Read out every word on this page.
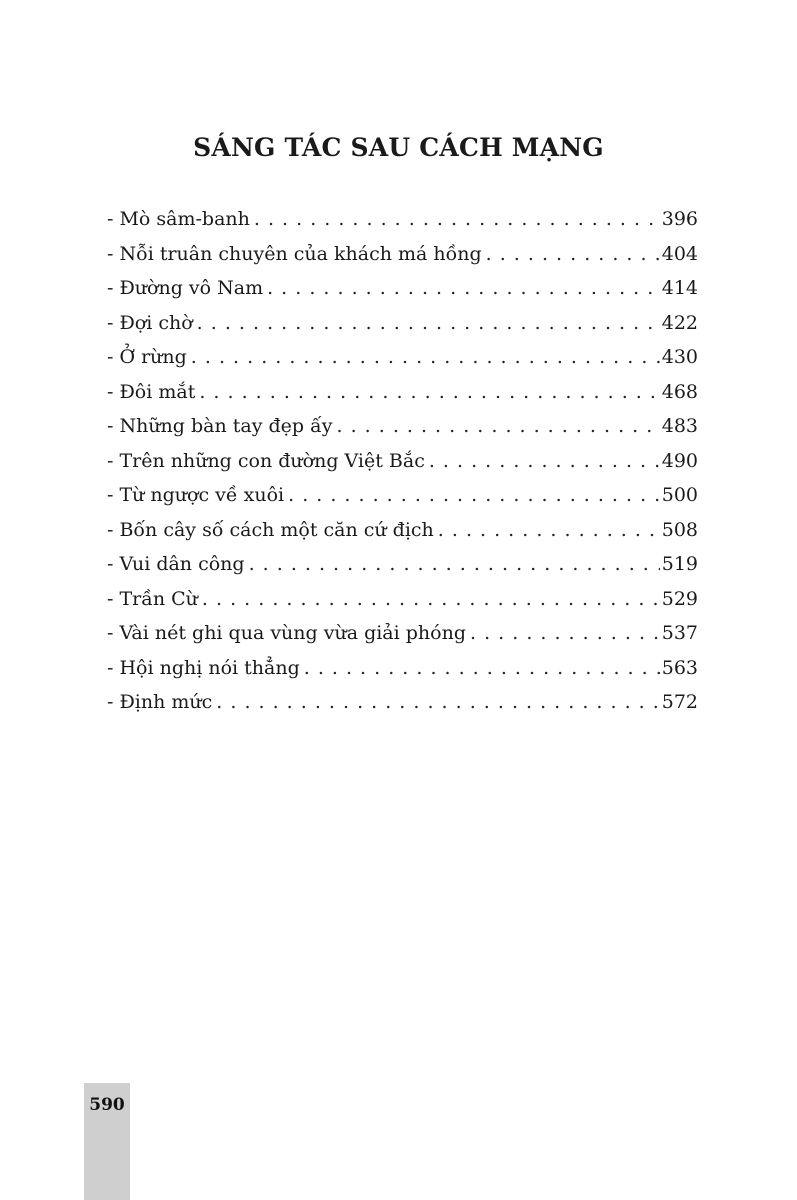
SÁNG TÁC SAU CÁCH MẠNG
- Mò sâm-banh . . .	396
- Nỗi truân chuyên của khách má hồng . . .	404
- Đường vô Nam . . .	414
- Đợi chờ . . .	422
- Ở rừng . . .	430
- Đôi mắt . . .	468
- Những bàn tay đẹp ấy . . .	483
- Trên những con đường Việt Bắc . . .	490
- Từ ngược về xuôi . . .	500
- Bốn cây số cách một căn cứ địch . . .	508
- Vui dân công . . .	519
- Trần Cừ . . .	529
- Vài nét ghi qua vùng vừa giải phóng . . .	537
- Hội nghị nói thẳng . . .	563
- Định mức . . .	572
590
